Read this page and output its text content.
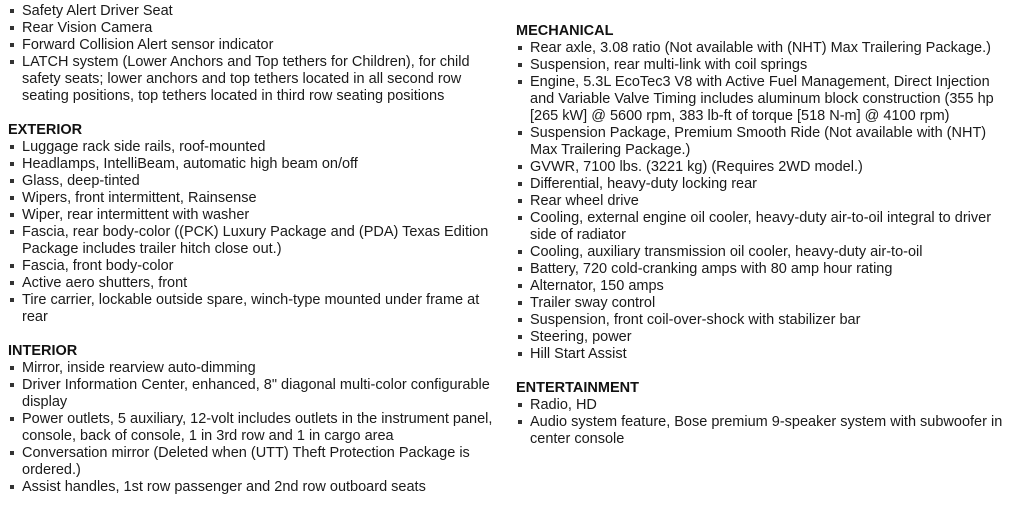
Safety Alert Driver Seat
Rear Vision Camera
Forward Collision Alert sensor indicator
LATCH system (Lower Anchors and Top tethers for Children), for child safety seats; lower anchors and top tethers located in all second row seating positions, top tethers located in third row seating positions
EXTERIOR
Luggage rack side rails, roof-mounted
Headlamps, IntelliBeam, automatic high beam on/off
Glass, deep-tinted
Wipers, front intermittent, Rainsense
Wiper, rear intermittent with washer
Fascia, rear body-color ((PCK) Luxury Package and (PDA) Texas Edition Package includes trailer hitch close out.)
Fascia, front body-color
Active aero shutters, front
Tire carrier, lockable outside spare, winch-type mounted under frame at rear
INTERIOR
Mirror, inside rearview auto-dimming
Driver Information Center, enhanced, 8" diagonal multi-color configurable display
Power outlets, 5 auxiliary, 12-volt includes outlets in the instrument panel, console, back of console, 1 in 3rd row and 1 in cargo area
Conversation mirror (Deleted when (UTT) Theft Protection Package is ordered.)
Assist handles, 1st row passenger and 2nd row outboard seats
MECHANICAL
Rear axle, 3.08 ratio (Not available with (NHT) Max Trailering Package.)
Suspension, rear multi-link with coil springs
Engine, 5.3L EcoTec3 V8 with Active Fuel Management, Direct Injection and Variable Valve Timing includes aluminum block construction (355 hp [265 kW] @ 5600 rpm, 383 lb-ft of torque [518 N-m] @ 4100 rpm)
Suspension Package, Premium Smooth Ride (Not available with (NHT) Max Trailering Package.)
GVWR, 7100 lbs. (3221 kg) (Requires 2WD model.)
Differential, heavy-duty locking rear
Rear wheel drive
Cooling, external engine oil cooler, heavy-duty air-to-oil integral to driver side of radiator
Cooling, auxiliary transmission oil cooler, heavy-duty air-to-oil
Battery, 720 cold-cranking amps with 80 amp hour rating
Alternator, 150 amps
Trailer sway control
Suspension, front coil-over-shock with stabilizer bar
Steering, power
Hill Start Assist
ENTERTAINMENT
Radio, HD
Audio system feature, Bose premium 9-speaker system with subwoofer in center console
